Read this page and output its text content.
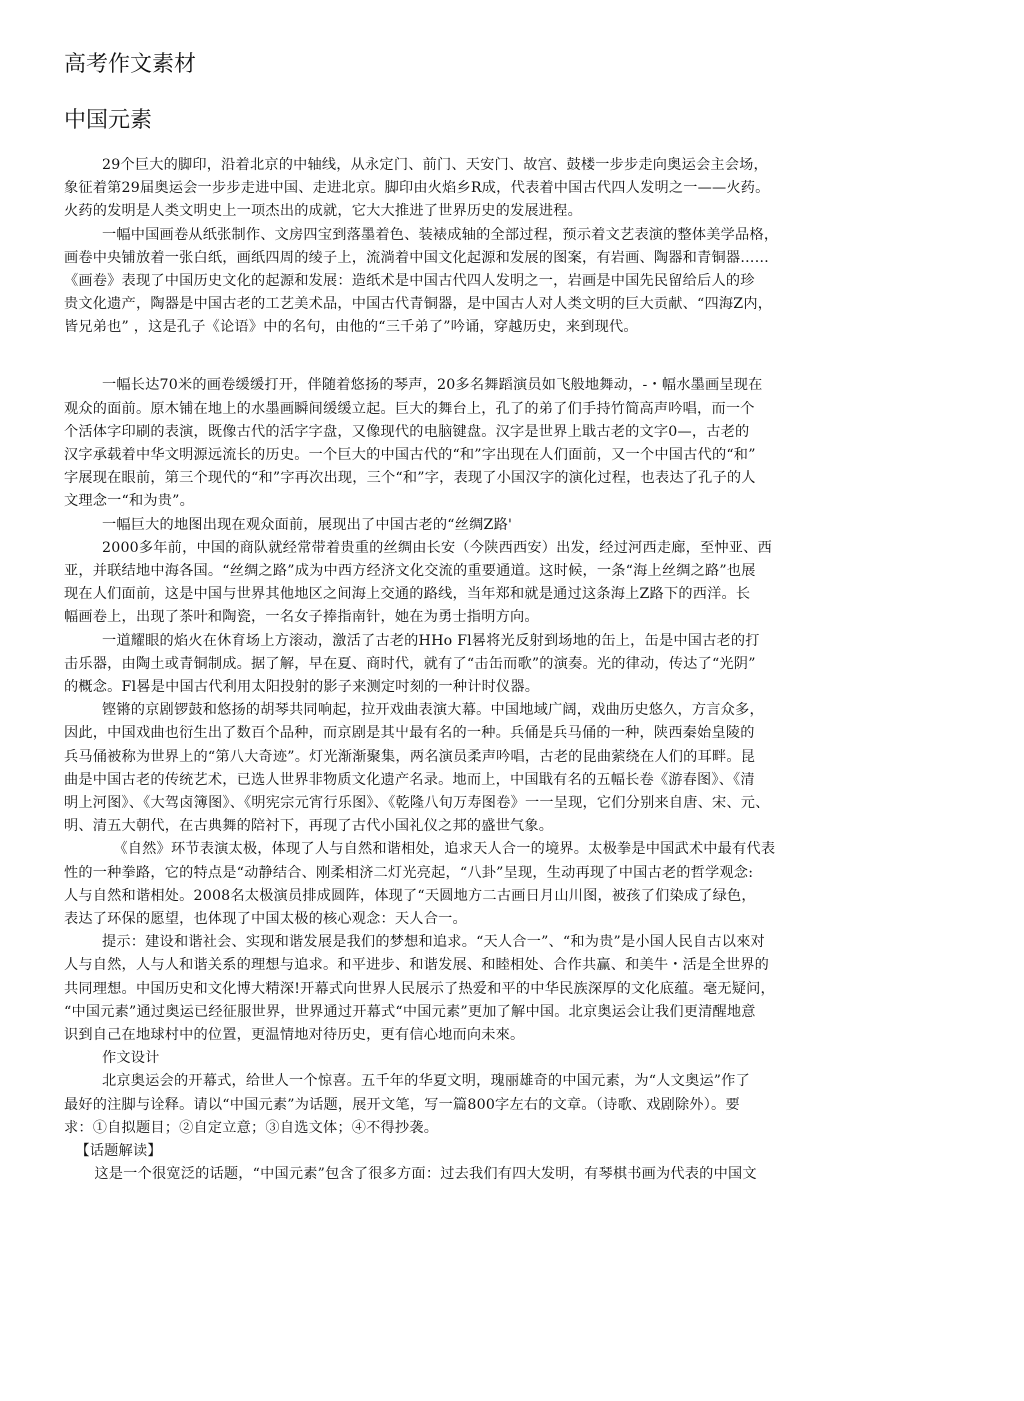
高考作文素材
中国元素
29个巨大的脚印，沿着北京的中轴线，从永定门、前门、天安门、故宫、鼓楼一步步走向奥运会主会场，
象征着第29届奥运会一步步走进中国、走进北京。脚印由火焰乡R成，代表着中国古代四人发明之一——火药。
火药的发明是人类文明史上一项杰出的成就，它大大推进了世界历史的发展进程。
一幅中国画卷从纸张制作、文房四宝到落墨着色、装裱成轴的全部过程，预示着文艺表演的整体美学品格，
画卷中央铺放着一张白纸，画纸四周的绫子上，流淌着中国文化起源和发展的图案，有岩画、陶器和青铜器……
《画卷》表现了中国历史文化的起源和发展：造纸术是中国古代四人发明之一，岩画是中国先民留给后人的珍
贵文化遗产，陶器是中国古老的工艺美术品，中国古代青铜器，是中国古人对人类文明的巨大贡献、“四海Z内，
皆兄弟也” ，这是孔子《论语》中的名句，由他的“三千弟了”吟诵，穿越历史，来到现代。
一幅长达70米的画卷缓缓打开，伴随着悠扬的琴声，20多名舞蹈演员如飞般地舞动，-・幅水墨画呈现在
观众的面前。原木铺在地上的水墨画瞬间缓缓立起。巨大的舞台上，孔了的弟了们手持竹简高声吟唱，而一个
个活体字印刷的表演，既像古代的活字字盘，又像现代的电脑键盘。汉字是世界上戢古老的文字0—，古老的
汉字承载着中华文明源远流长的历史。一个巨大的中国古代的“和”字出现在人们面前，又一个中国古代的“和”
字展现在眼前，第三个现代的“和”字再次出现，三个“和”字，表现了小国汉字的演化过程，也表达了孔子的人
文理念一“和为贵”。
一幅巨大的地图出现在观众面前，展现出了中国古老的“丝绸Z路'
2000多年前，中国的商队就经常带着贵重的丝绸由长安（今陕西西安）出发，经过河西走廊，至忡亚、西
亚，并联结地中海各国。“丝绸之路”成为中西方经济文化交流的重要通道。这时候，一条“海上丝绸之路”也展
现在人们面前，这是中国与世界其他地区之间海上交通的路线，当年郑和就是通过这条海上Z路下的西洋。长
幅画卷上，出现了茶叶和陶瓷，一名女子捧指南针，她在为勇士指明方向。
一道耀眼的焰火在休育场上方滚动，激活了古老的HHo Fl晷将光反射到场地的缶上，缶是中国古老的打
击乐器，由陶土或青铜制成。据了解，早在夏、商时代，就有了“击缶而歌”的演奏。光的律动，传达了“光阴”
的概念。Fl晷是中国古代利用太阳投射的影子来测定吋刻的一种计时仪器。
铿锵的京剧锣鼓和悠扬的胡琴共同响起，拉开戏曲表演大幕。中国地域广阔，戏曲历史悠久，方言众多，
因此，中国戏曲也衍生出了数百个品种，而京剧是其屮最有名的一种。兵俑是兵马俑的一种，陕西秦始皇陵的
兵马俑被称为世界上的“第八大奇迹”。灯光渐渐聚集，两名演员柔声吟唱，古老的昆曲萦绕在人们的耳畔。昆
曲是中国古老的传统艺术，已选人世界非物质文化遗产名录。地而上，中国戢有名的五幅长卷《游春图》、《清
明上河图》、《大驾卤簿图》、《明宪宗元宵行乐图》、《乾隆八旬万寿图卷》一一呈现，它们分别来自唐、宋、元、
明、清五大朝代，在古典舞的陪衬下，再现了古代小国礼仪之邦的盛世气象。
《自然》环节表演太极，体现了人与自然和谐相处，追求天人合一的境界。太极拳是中国武术中最有代表
性的一种拳路，它的特点是“动静结合、刚柔相济二灯光亮起，“八卦”呈现，生动再现了中国古老的哲学观念:
人与自然和谐相处。2008名太极演员排成圆阵，体现了“天圆地方二古画日月山川图，被孩了们染成了绿色，
表达了环保的愿望，也体现了中国太极的核心观念：天人合一。
提示：建设和谐社会、实现和谐发展是我们的梦想和追求。“天人合一”、“和为贵”是小国人民自古以來对
人与自然，人与人和谐关系的理想与追求。和平进步、和谐发展、和睦相处、合作共赢、和美牛・活是全世界的
共同理想。中国历史和文化博大精深!开幕式向世界人民展示了热爱和平的中华民族深厚的文化底蕴。毫无疑问，
“中国元素”通过奥运已经征服世界，世界通过开幕式“中国元素”更加了解中国。北京奥运会让我们更清醒地意
识到自己在地球村中的位置，更温情地对待历史，更有信心地而向未來。
作文设计
北京奥运会的开幕式，给世人一个惊喜。五千年的华夏文明，瑰丽雄奇的中国元素，为“人文奥运”作了
最好的注脚与诠释。请以“中国元素”为话题，展开文笔，写一篇800字左右的文章。（诗歌、戏剧除外）。要
求：①自拟题目；②自定立意；③自选文体；④不得抄袭。
【话题解读】
这是一个很宽泛的话题，“中国元素”包含了很多方面：过去我们有四大发明，有琴棋书画为代表的中国文
